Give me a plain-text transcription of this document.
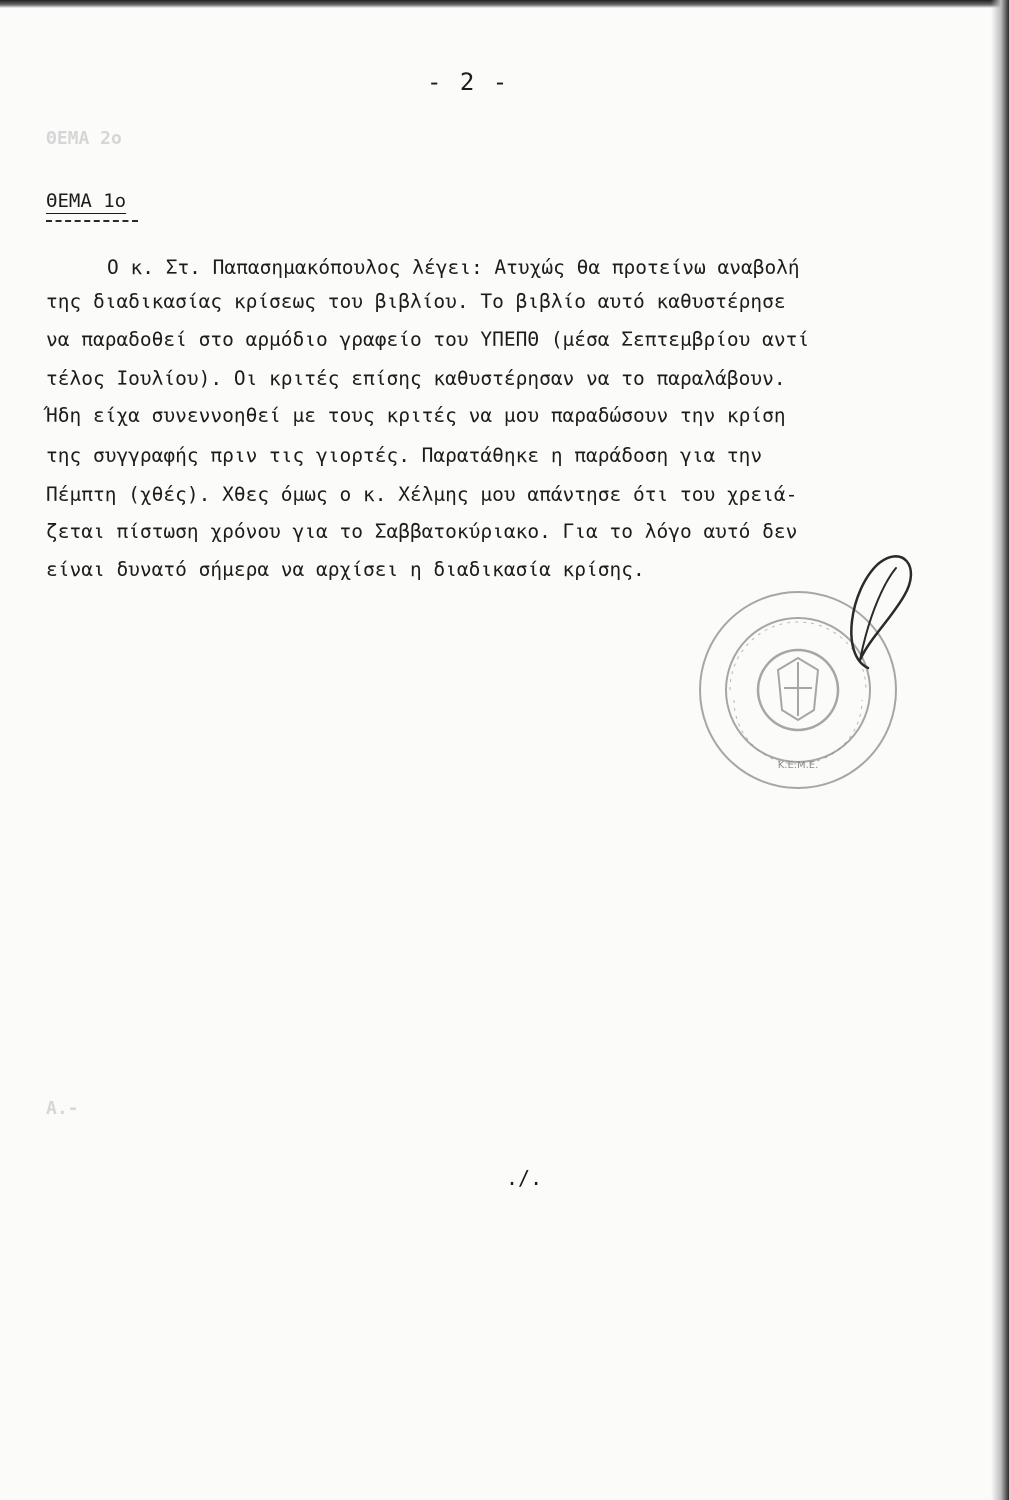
ΘΕΜΑ 2ο
Α.-
- 2 -
ΘΕΜΑ 1ο
Ο κ. Στ. Παπασημακόπουλος λέγει: Ατυχώς θα προτείνω αναβολή
της διαδικασίας κρίσεως του βιβλίου. Το βιβλίο αυτό καθυστέρησε
να παραδοθεί στο αρμόδιο γραφείο του ΥΠΕΠΘ (μέσα Σεπτεμβρίου αντί
τέλος Ιουλίου). Οι κριτές επίσης καθυστέρησαν να το παραλάβουν.
Ήδη είχα συνεννοηθεί με τους κριτές να μου παραδώσουν την κρίση
της συγγραφής πριν τις γιορτές. Παρατάθηκε η παράδοση για την
Πέμπτη (χθές). Χθες όμως ο κ. Χέλμης μου απάντησε ότι του χρειά-
ζεται πίστωση χρόνου για το Σαββατοκύριακο. Για το λόγο αυτό δεν
είναι δυνατό σήμερα να αρχίσει η διαδικασία κρίσης.
Κ.Ε.Μ.Ε.
./.
